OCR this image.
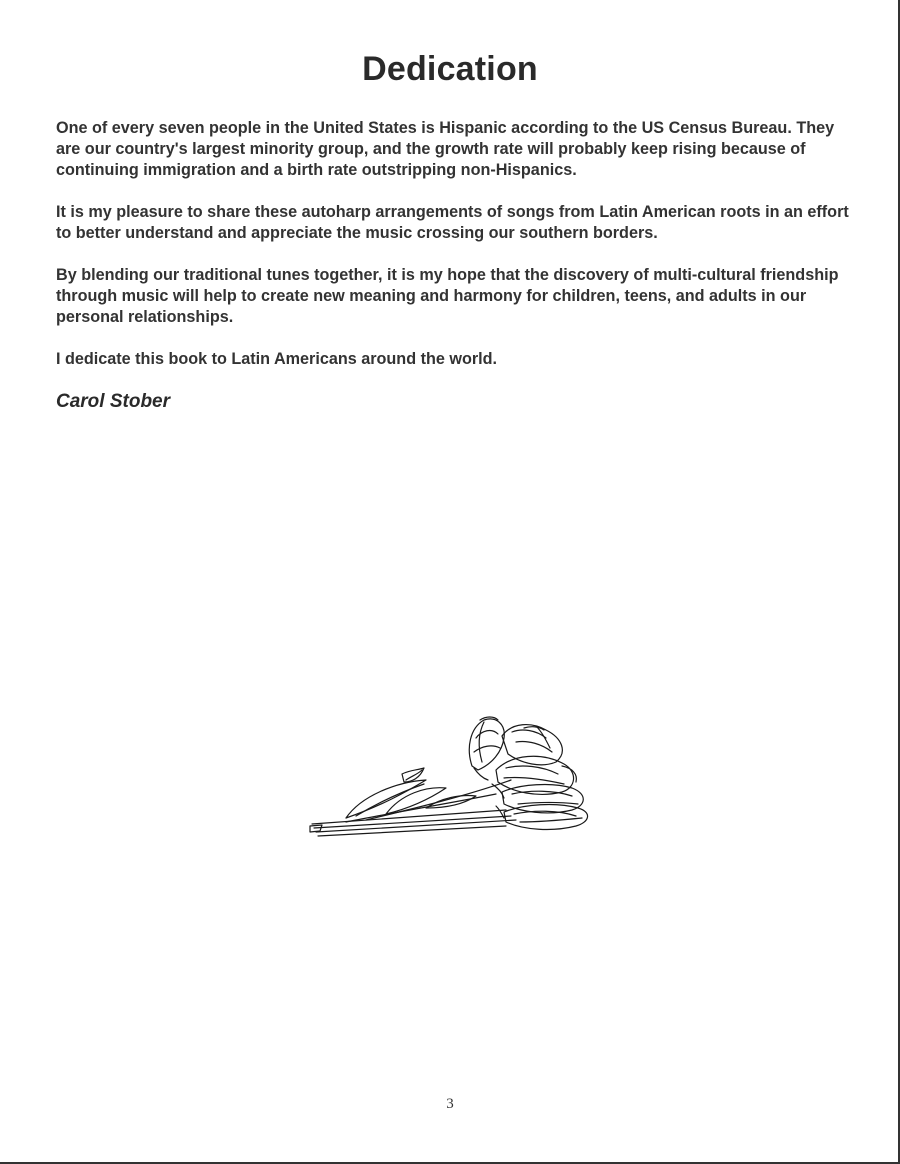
Dedication

One of every seven people in the United States is Hispanic according to the US Census Bureau. They are our country's largest minority group, and the growth rate will probably keep rising because of continuing immigration and a birth rate outstripping non-Hispanics.

It is my pleasure to share these autoharp arrangements of songs from Latin American roots in an effort to better understand and appreciate the music crossing our southern borders.

By blending our traditional tunes together, it is my hope that the discovery of multi-cultural friendship through music will help to create new meaning and harmony for children, teens, and adults in our personal relationships.

I dedicate this book to Latin Americans around the world.

Carol Stober

3
